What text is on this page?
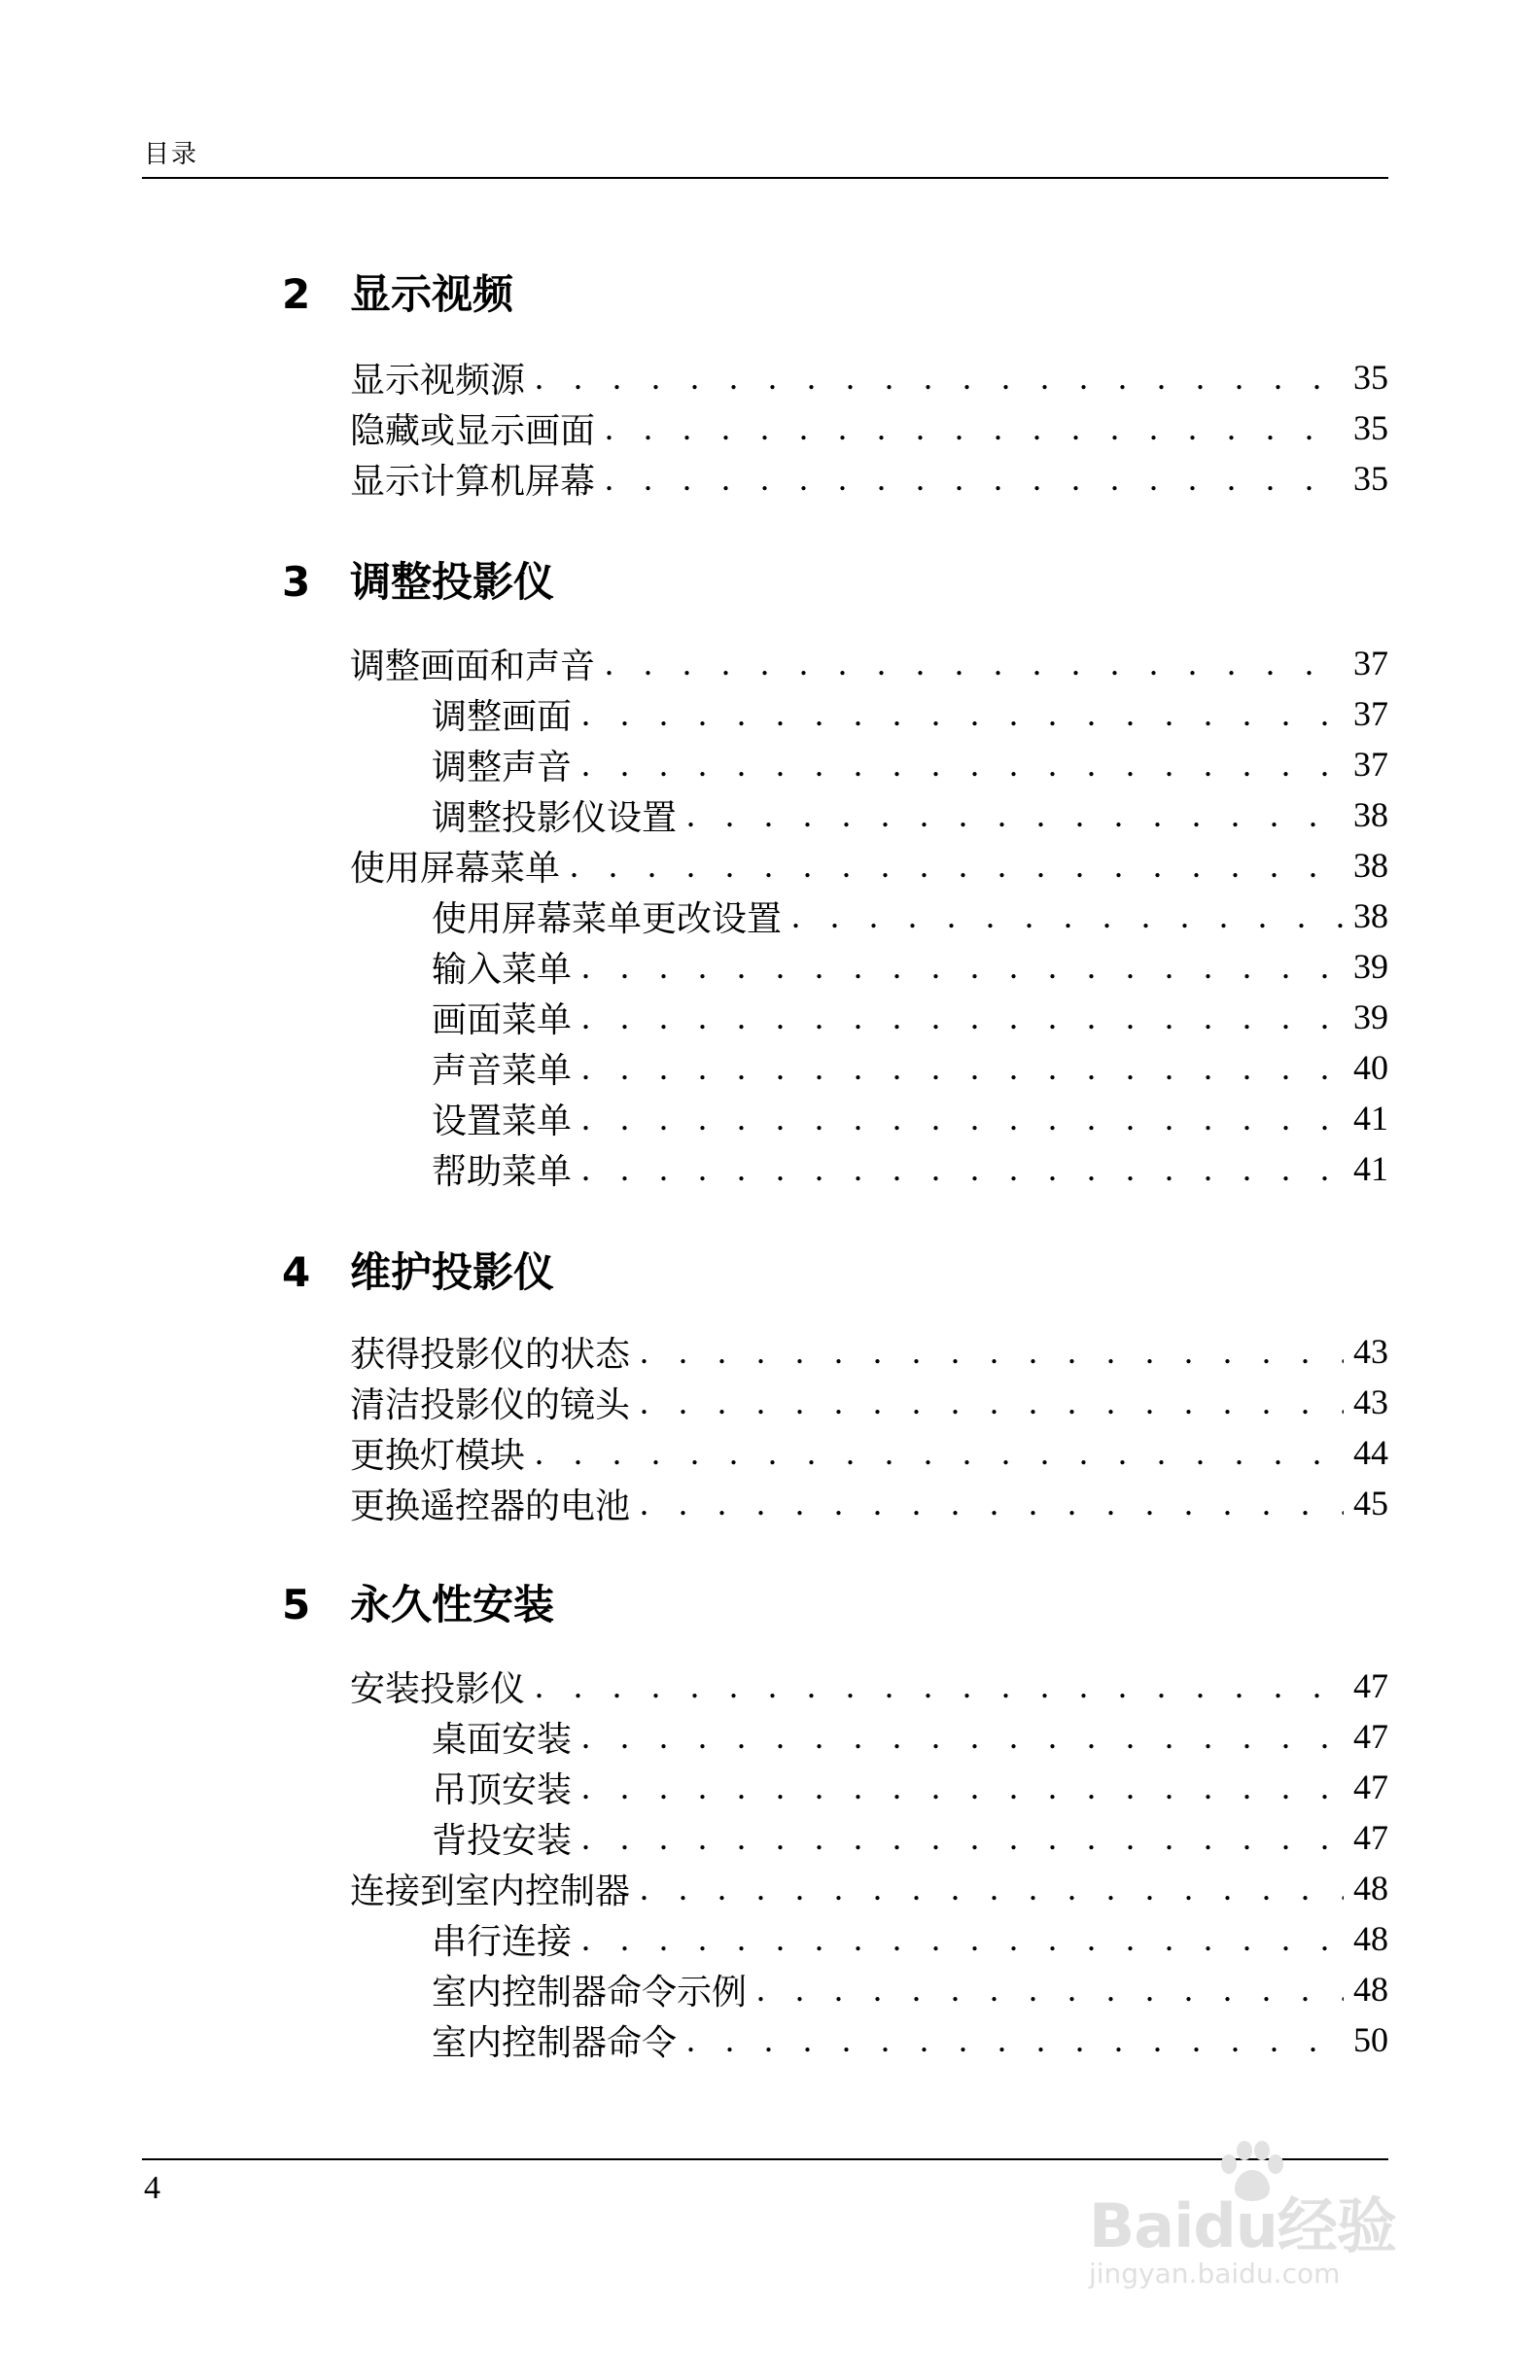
目录
2 显示视频
显示视频源 . . .	35
隐藏或显示画面 . . .	35
显示计算机屏幕 . . .	35
3 调整投影仪
调整画面和声音 . . .	37
调整画面 . . .	37
调整声音 . . .	37
调整投影仪设置 . . .	38
使用屏幕菜单 . . .	38
使用屏幕菜单更改设置 . . .	38
输入菜单 . . .	39
画面菜单 . . .	39
声音菜单 . . .	40
设置菜单 . . .	41
帮助菜单 . . .	41
4 维护投影仪
获得投影仪的状态 . . .	43
清洁投影仪的镜头 . . .	43
更换灯模块 . . .	44
更换遥控器的电池 . . .	45
5 永久性安装
安装投影仪 . . .	47
桌面安装 . . .	47
吊顶安装 . . .	47
背投安装 . . .	47
连接到室内控制器 . . .	48
串行连接 . . .	48
室内控制器命令示例 . . .	48
室内控制器命令 . . .	50
4
Baidu经验
jingyan.baidu.com
